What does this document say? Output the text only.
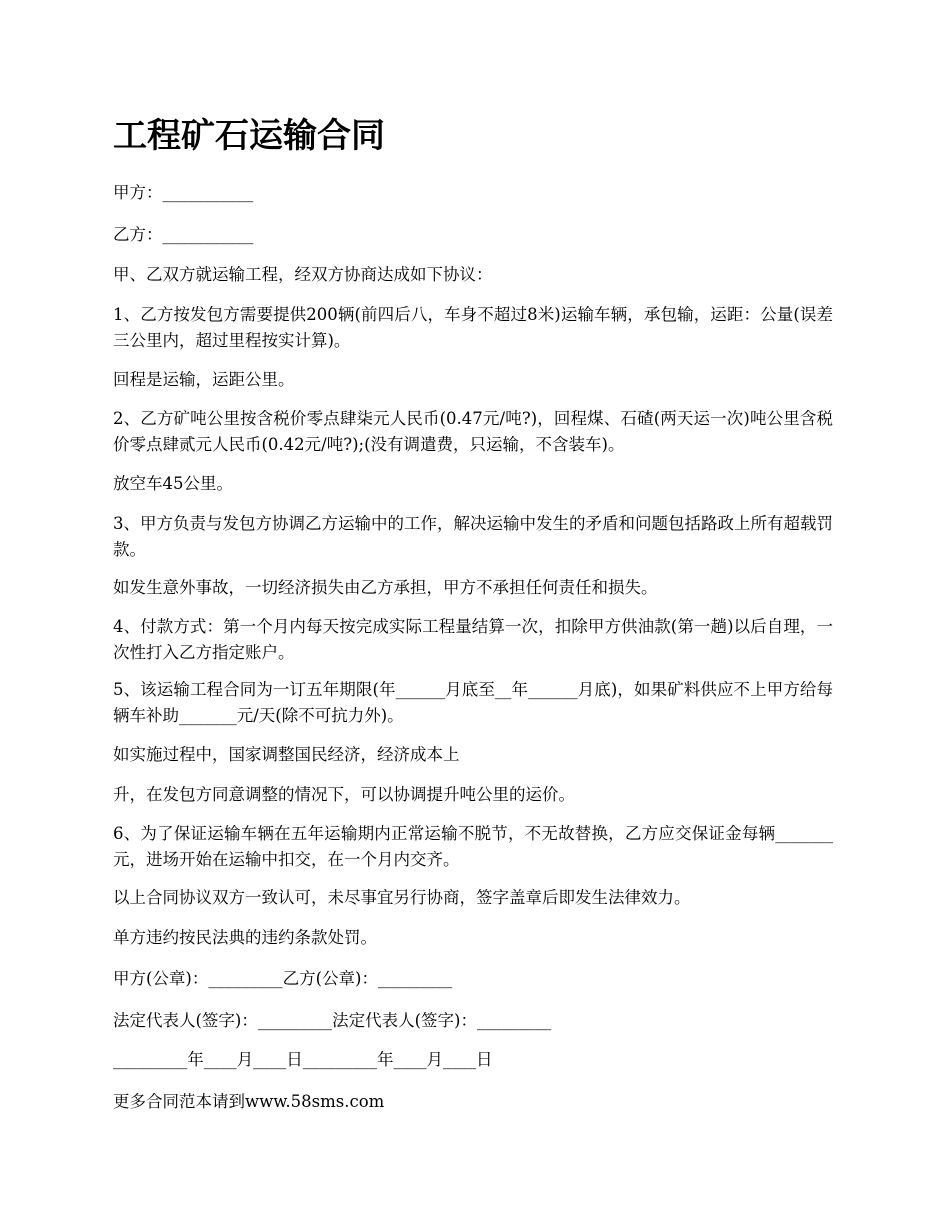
工程矿石运输合同

甲方：___________

乙方：___________

甲、乙双方就运输工程，经双方协商达成如下协议：

1、乙方按发包方需要提供200辆(前四后八，车身不超过8米)运输车辆，承包输，运距：公量(误差三公里内，超过里程按实计算)。

回程是运输，运距公里。

2、乙方矿吨公里按含税价零点肆柒元人民币(0.47元/吨?)，回程煤、石碴(两天运一次)吨公里含税价零点肆贰元人民币(0.42元/吨?);(没有调遣费，只运输，不含装车)。

放空车45公里。

3、甲方负责与发包方协调乙方运输中的工作，解决运输中发生的矛盾和问题包括路政上所有超载罚款。

如发生意外事故，一切经济损失由乙方承担，甲方不承担任何责任和损失。

4、付款方式：第一个月内每天按完成实际工程量结算一次，扣除甲方供油款(第一趟)以后自理，一次性打入乙方指定账户。

5、该运输工程合同为一订五年期限(年______月底至__年______月底)，如果矿料供应不上甲方给每辆车补助_______元/天(除不可抗力外)。

如实施过程中，国家调整国民经济，经济成本上

升，在发包方同意调整的情况下，可以协调提升吨公里的运价。

6、为了保证运输车辆在五年运输期内正常运输不脱节，不无故替换，乙方应交保证金每辆_______元，进场开始在运输中扣交，在一个月内交齐。

以上合同协议双方一致认可，未尽事宜另行协商，签字盖章后即发生法律效力。

单方违约按民法典的违约条款处罚。

甲方(公章)：_________乙方(公章)：_________

法定代表人(签字)：_________法定代表人(签字)：_________

_________年____月____日_________年____月____日

更多合同范本请到www.58sms.com
